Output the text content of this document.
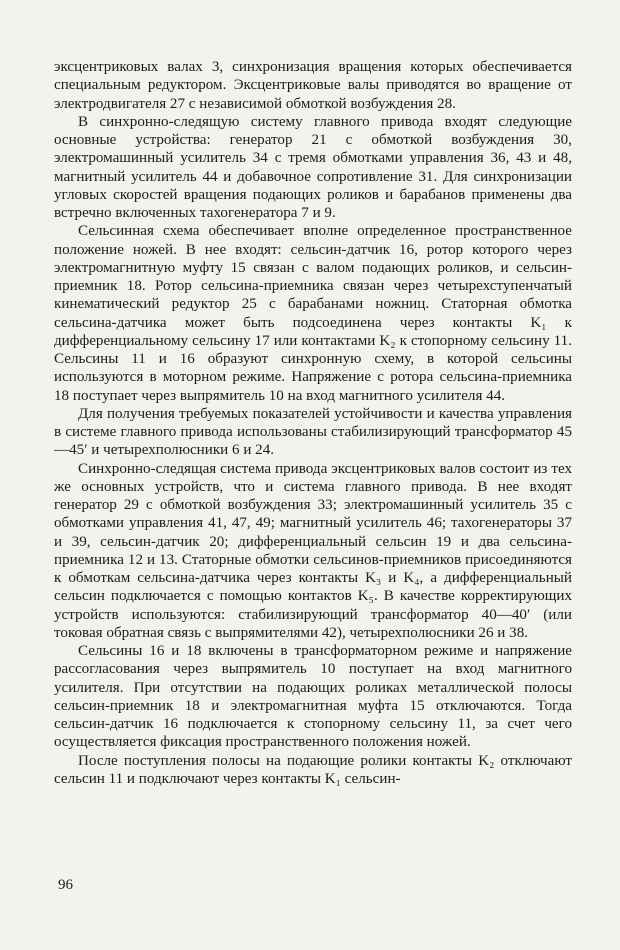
эксцентриковых валах 3, синхронизация вращения которых обеспечивается специальным редуктором. Эксцентриковые валы приводятся во вращение от электродвигателя 27 с независимой обмоткой возбуждения 28.

В синхронно-следящую систему главного привода входят следующие основные устройства: генератор 21 с обмоткой возбуждения 30, электромашинный усилитель 34 с тремя обмотками управления 36, 43 и 48, магнитный усилитель 44 и добавочное сопротивление 31. Для синхронизации угловых скоростей вращения подающих роликов и барабанов применены два встречно включенных тахогенератора 7 и 9.

Сельсинная схема обеспечивает вполне определенное пространственное положение ножей. В нее входят: сельсин-датчик 16, ротор которого через электромагнитную муфту 15 связан с валом подающих роликов, и сельсин-приемник 18. Ротор сельсина-приемника связан через четырехступенчатый кинематический редуктор 25 с барабанами ножниц. Статорная обмотка сельсина-датчика может быть подсоединена через контакты K₁ к дифференциальному сельсину 17 или контактами K₂ к стопорному сельсину 11. Сельсины 11 и 16 образуют синхронную схему, в которой сельсины используются в моторном режиме. Напряжение с ротора сельсина-приемника 18 поступает через выпрямитель 10 на вход магнитного усилителя 44.

Для получения требуемых показателей устойчивости и качества управления в системе главного привода использованы стабилизирующий трансформатор 45—45′ и четырехполюсники 6 и 24.

Синхронно-следящая система привода эксцентриковых валов состоит из тех же основных устройств, что и система главного привода. В нее входят генератор 29 с обмоткой возбуждения 33; электромашинный усилитель 35 с обмотками управления 41, 47, 49; магнитный усилитель 46; тахогенераторы 37 и 39, сельсин-датчик 20; дифференциальный сельсин 19 и два сельсина-приемника 12 и 13. Статорные обмотки сельсинов-приемников присоединяются к обмоткам сельсина-датчика через контакты K₃ и K₄, а дифференциальный сельсин подключается с помощью контактов K₅. В качестве корректирующих устройств используются: стабилизирующий трансформатор 40—40′ (или токовая обратная связь с выпрямителями 42), четырехполюсники 26 и 38.

Сельсины 16 и 18 включены в трансформаторном режиме и напряжение рассогласования через выпрямитель 10 поступает на вход магнитного усилителя. При отсутствии на подающих роликах металлической полосы сельсин-приемник 18 и электромагнитная муфта 15 отключаются. Тогда сельсин-датчик 16 подключается к стопорному сельсину 11, за счет чего осуществляется фиксация пространственного положения ножей.

После поступления полосы на подающие ролики контакты K₂ отключают сельсин 11 и подключают через контакты K₁ сельсин-

96
